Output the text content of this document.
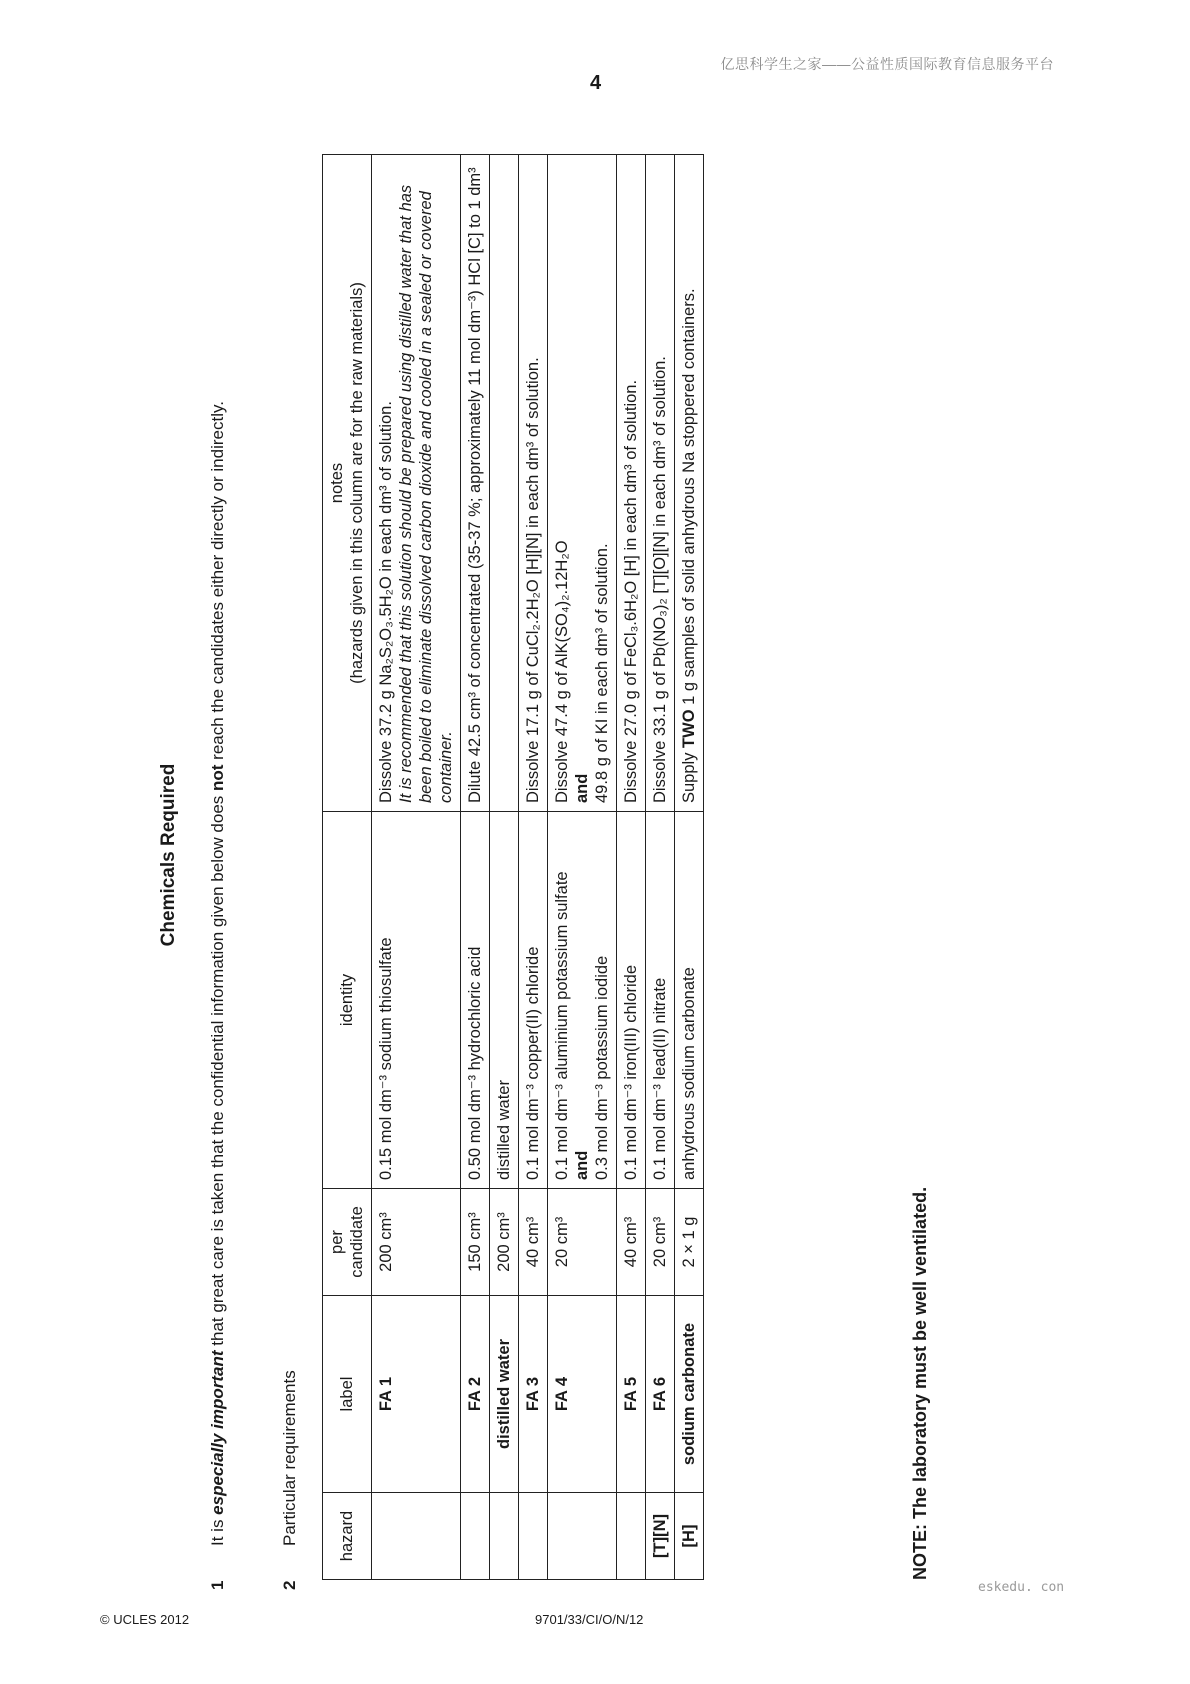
亿思科学生之家——公益性质国际教育信息服务平台
4
Chemicals Required
1
It is especially important that great care is taken that the confidential information given below does not reach the candidates either directly or indirectly.
2
Particular requirements hazard	label	per candidate	identity	notes (hazards given in this column are for the raw materials)
	FA 1	200 cm³	0.15 mol dm⁻³ sodium thiosulfate	Dissolve 37.2 g Na₂S₂O₃.5H₂O in each dm³ of solution. It is recommended that this solution should be prepared using distilled water that has been boiled to eliminate dissolved carbon dioxide and cooled in a sealed or covered container.
	FA 2	150 cm³	0.50 mol dm⁻³ hydrochloric acid	Dilute 42.5 cm³ of concentrated (35-37 %; approximately 11 mol dm⁻³) HCl [C] to 1 dm³
	distilled water	200 cm³	distilled water	
	FA 3	40 cm³	0.1 mol dm⁻³ copper(II) chloride	Dissolve 17.1 g of CuCl₂.2H₂O [H][N] in each dm³ of solution.
	FA 4	20 cm³	0.1 mol dm⁻³ aluminium potassium sulfate and 0.3 mol dm⁻³ potassium iodide	Dissolve 47.4 g of AlK(SO₄)₂.12H₂O and 49.8 g of KI in each dm³ of solution.
	FA 5	40 cm³	0.1 mol dm⁻³ iron(III) chloride	Dissolve 27.0 g of FeCl₃.6H₂O [H] in each dm³ of solution.
[T][N]	FA 6	20 cm³	0.1 mol dm⁻³ lead(II) nitrate	Dissolve 33.1 g of Pb(NO₃)₂ [T][O][N] in each dm³ of solution.
[H]	sodium carbonate	2 × 1 g	anhydrous sodium carbonate	Supply TWO 1 g samples of solid anhydrous Na stoppered containers.
NOTE: The laboratory must be well ventilated.
eskedu. con
© UCLES 2012	9701/33/CI/O/N/12
